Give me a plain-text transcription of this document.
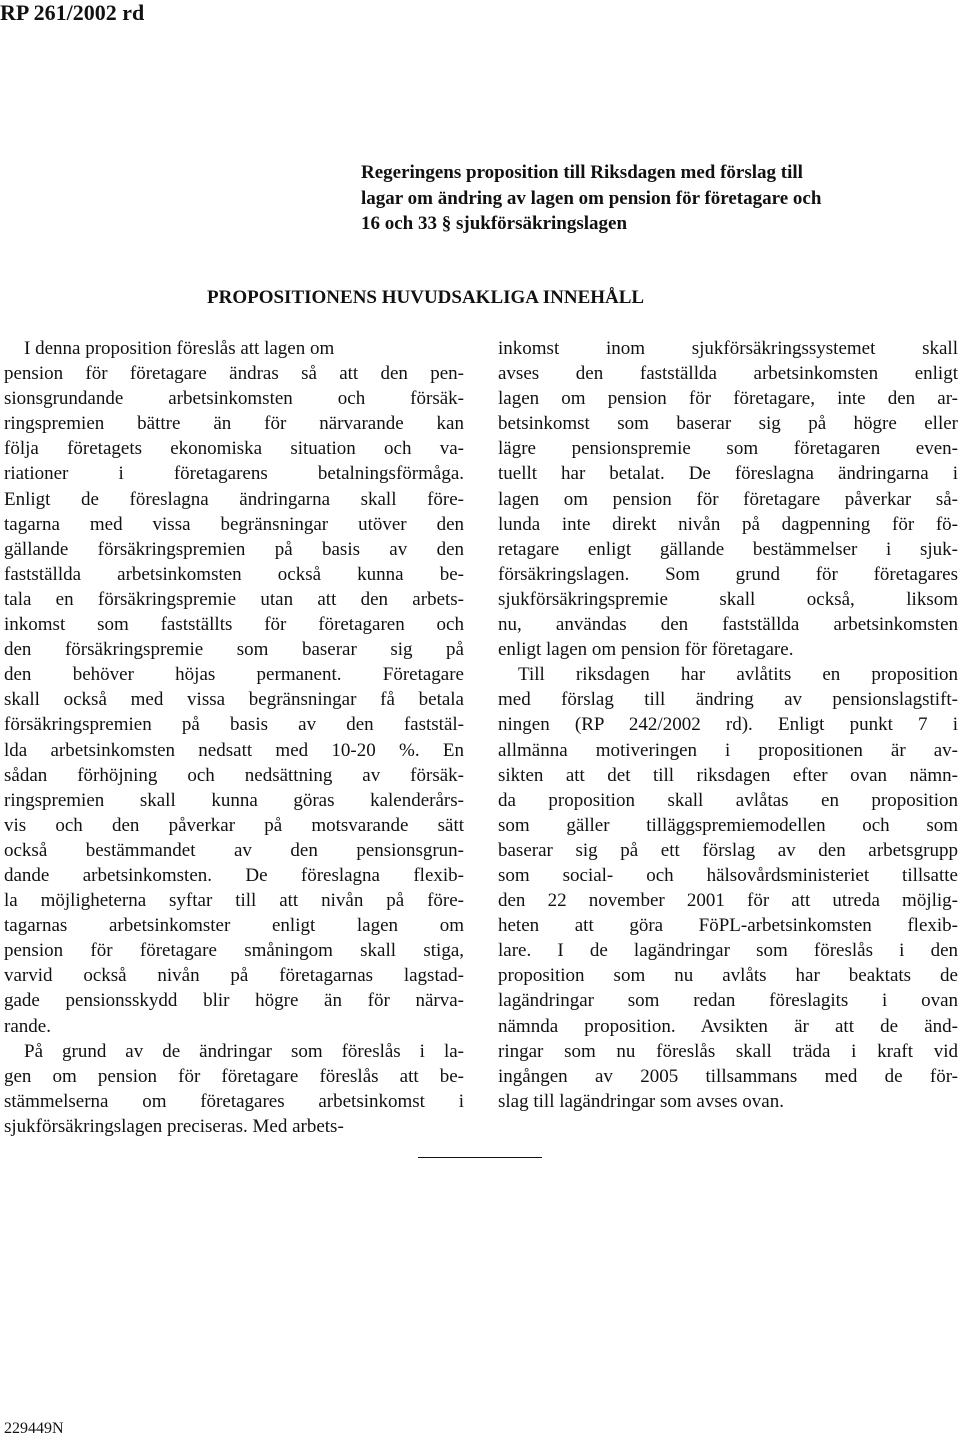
RP 261/2002 rd
Regeringens proposition till Riksdagen med förslag till
lagar om ändring av lagen om pension för företagare och
16 och 33 § sjukförsäkringslagen
PROPOSITIONENS HUVUDSAKLIGA INNEHÅLL
I denna proposition föreslås att lagen om
pension för företagare ändras så att den pen-
sionsgrundande arbetsinkomsten och försäk-
ringspremien bättre än för närvarande kan
följa företagets ekonomiska situation och va-
riationer i företagarens betalningsförmåga.
Enligt de föreslagna ändringarna skall före-
tagarna med vissa begränsningar utöver den
gällande försäkringspremien på basis av den
fastställda arbetsinkomsten också kunna be-
tala en försäkringspremie utan att den arbets-
inkomst som fastställts för företagaren och
den försäkringspremie som baserar sig på
den behöver höjas permanent. Företagare
skall också med vissa begränsningar få betala
försäkringspremien på basis av den faststäl-
lda arbetsinkomsten nedsatt med 10-20 %. En
sådan förhöjning och nedsättning av försäk-
ringspremien skall kunna göras kalenderårs-
vis och den påverkar på motsvarande sätt
också bestämmandet av den pensionsgrun-
dande arbetsinkomsten. De föreslagna flexib-
la möjligheterna syftar till att nivån på före-
tagarnas arbetsinkomster enligt lagen om
pension för företagare småningom skall stiga,
varvid också nivån på företagarnas lagstad-
gade pensionsskydd blir högre än för närva-
rande.
På grund av de ändringar som föreslås i la-
gen om pension för företagare föreslås att be-
stämmelserna om företagares arbetsinkomst i
sjukförsäkringslagen preciseras. Med arbets-
inkomst inom sjukförsäkringssystemet skall
avses den fastställda arbetsinkomsten enligt
lagen om pension för företagare, inte den ar-
betsinkomst som baserar sig på högre eller
lägre pensionspremie som företagaren even-
tuellt har betalat. De föreslagna ändringarna i
lagen om pension för företagare påverkar så-
lunda inte direkt nivån på dagpenning för fö-
retagare enligt gällande bestämmelser i sjuk-
försäkringslagen. Som grund för företagares
sjukförsäkringspremie skall också, liksom
nu, användas den fastställda arbetsinkomsten
enligt lagen om pension för företagare.
Till riksdagen har avlåtits en proposition
med förslag till ändring av pensionslagstift-
ningen (RP 242/2002 rd). Enligt punkt 7 i
allmänna motiveringen i propositionen är av-
sikten att det till riksdagen efter ovan nämn-
da proposition skall avlåtas en proposition
som gäller tilläggspremiemodellen och som
baserar sig på ett förslag av den arbetsgrupp
som social- och hälsovårdsministeriet tillsatte
den 22 november 2001 för att utreda möjlig-
heten att göra FöPL-arbetsinkomsten flexib-
lare. I de lagändringar som föreslås i den
proposition som nu avlåts har beaktats de
lagändringar som redan föreslagits i ovan
nämnda proposition. Avsikten är att de änd-
ringar som nu föreslås skall träda i kraft vid
ingången av 2005 tillsammans med de för-
slag till lagändringar som avses ovan.
229449N
